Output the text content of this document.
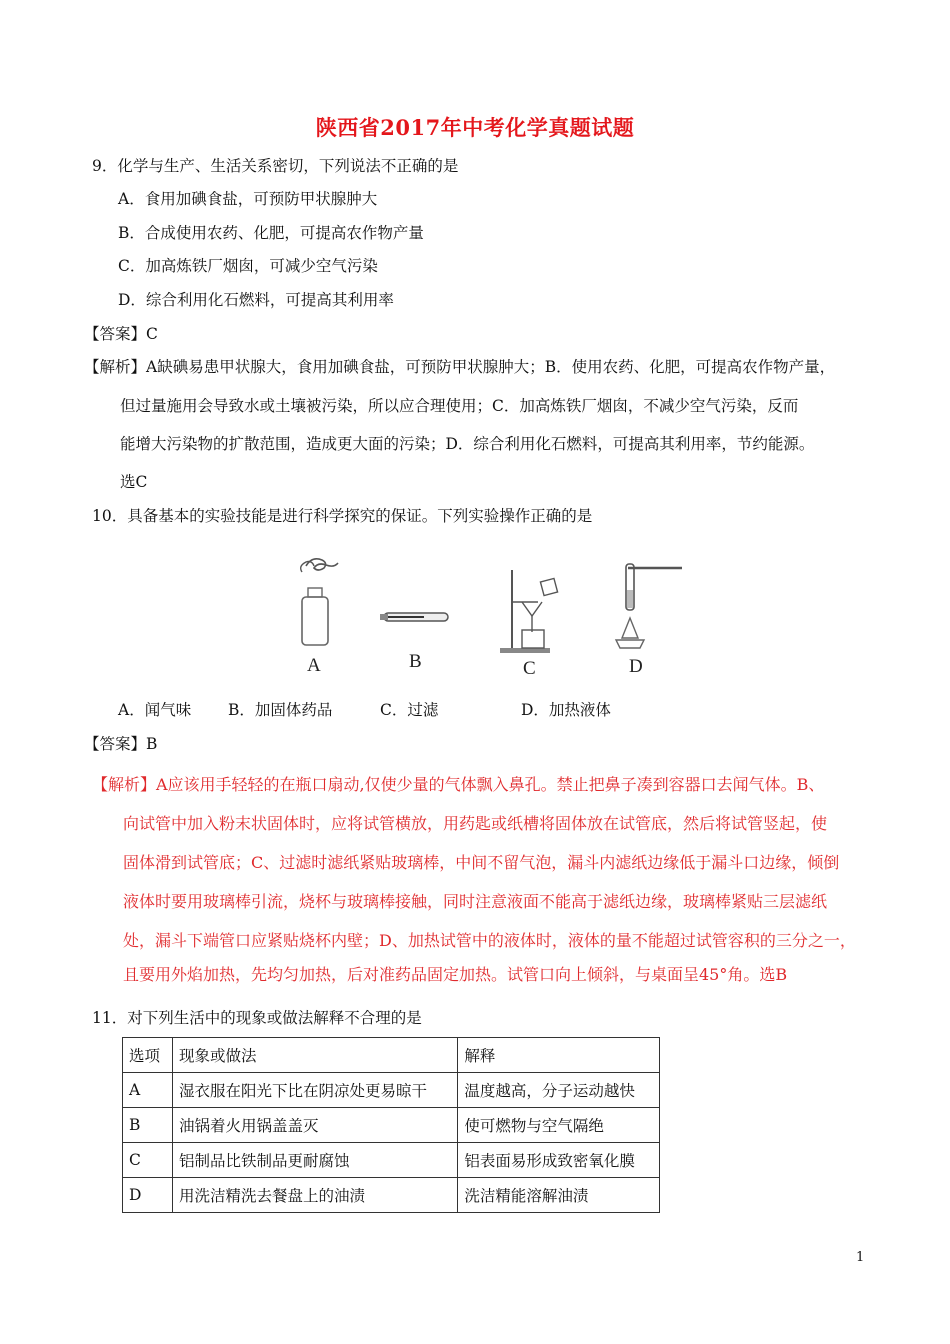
陕西省2017年中考化学真题试题
9．化学与生产、生活关系密切，下列说法不正确的是
A．食用加碘食盐，可预防甲状腺肿大
B．合成使用农药、化肥，可提高农作物产量
C．加高炼铁厂烟囱，可减少空气污染
D．综合利用化石燃料，可提高其利用率
【答案】C
【解析】A缺碘易患甲状腺大，食用加碘食盐，可预防甲状腺肿大；B．使用农药、化肥，可提高农作物产量，
但过量施用会导致水或土壤被污染，所以应合理使用；C．加高炼铁厂烟囱，不减少空气污染，反而
能增大污染物的扩散范围，造成更大面的污染；D．综合利用化石燃料，可提高其利用率，节约能源。
选C
10．具备基本的实验技能是进行科学探究的保证。下列实验操作正确的是
A	B	C	D
A．闻气味 B．加固体药品	C．过滤	D．加热液体
【答案】B
【解析】A应该用手轻轻的在瓶口扇动,仅使少量的气体飘入鼻孔。禁止把鼻子凑到容器口去闻气体。B、
向试管中加入粉末状固体时，应将试管横放，用药匙或纸槽将固体放在试管底，然后将试管竖起，使
固体滑到试管底；C、过滤时滤纸紧贴玻璃棒，中间不留气泡，漏斗内滤纸边缘低于漏斗口边缘，倾倒
液体时要用玻璃棒引流，烧杯与玻璃棒接触，同时注意液面不能高于滤纸边缘，玻璃棒紧贴三层滤纸
处，漏斗下端管口应紧贴烧杯内壁；D、加热试管中的液体时，液体的量不能超过试管容积的三分之一，
且要用外焰加热，先均匀加热，后对准药品固定加热。试管口向上倾斜，与桌面呈45°角。选B
11．对下列生活中的现象或做法解释不合理的是
选项	现象或做法	解释
A	湿衣服在阳光下比在阴凉处更易晾干	温度越高，分子运动越快
B	油锅着火用锅盖盖灭	使可燃物与空气隔绝
C	铝制品比铁制品更耐腐蚀	铝表面易形成致密氧化膜
D	用洗洁精洗去餐盘上的油渍	洗洁精能溶解油渍
1
